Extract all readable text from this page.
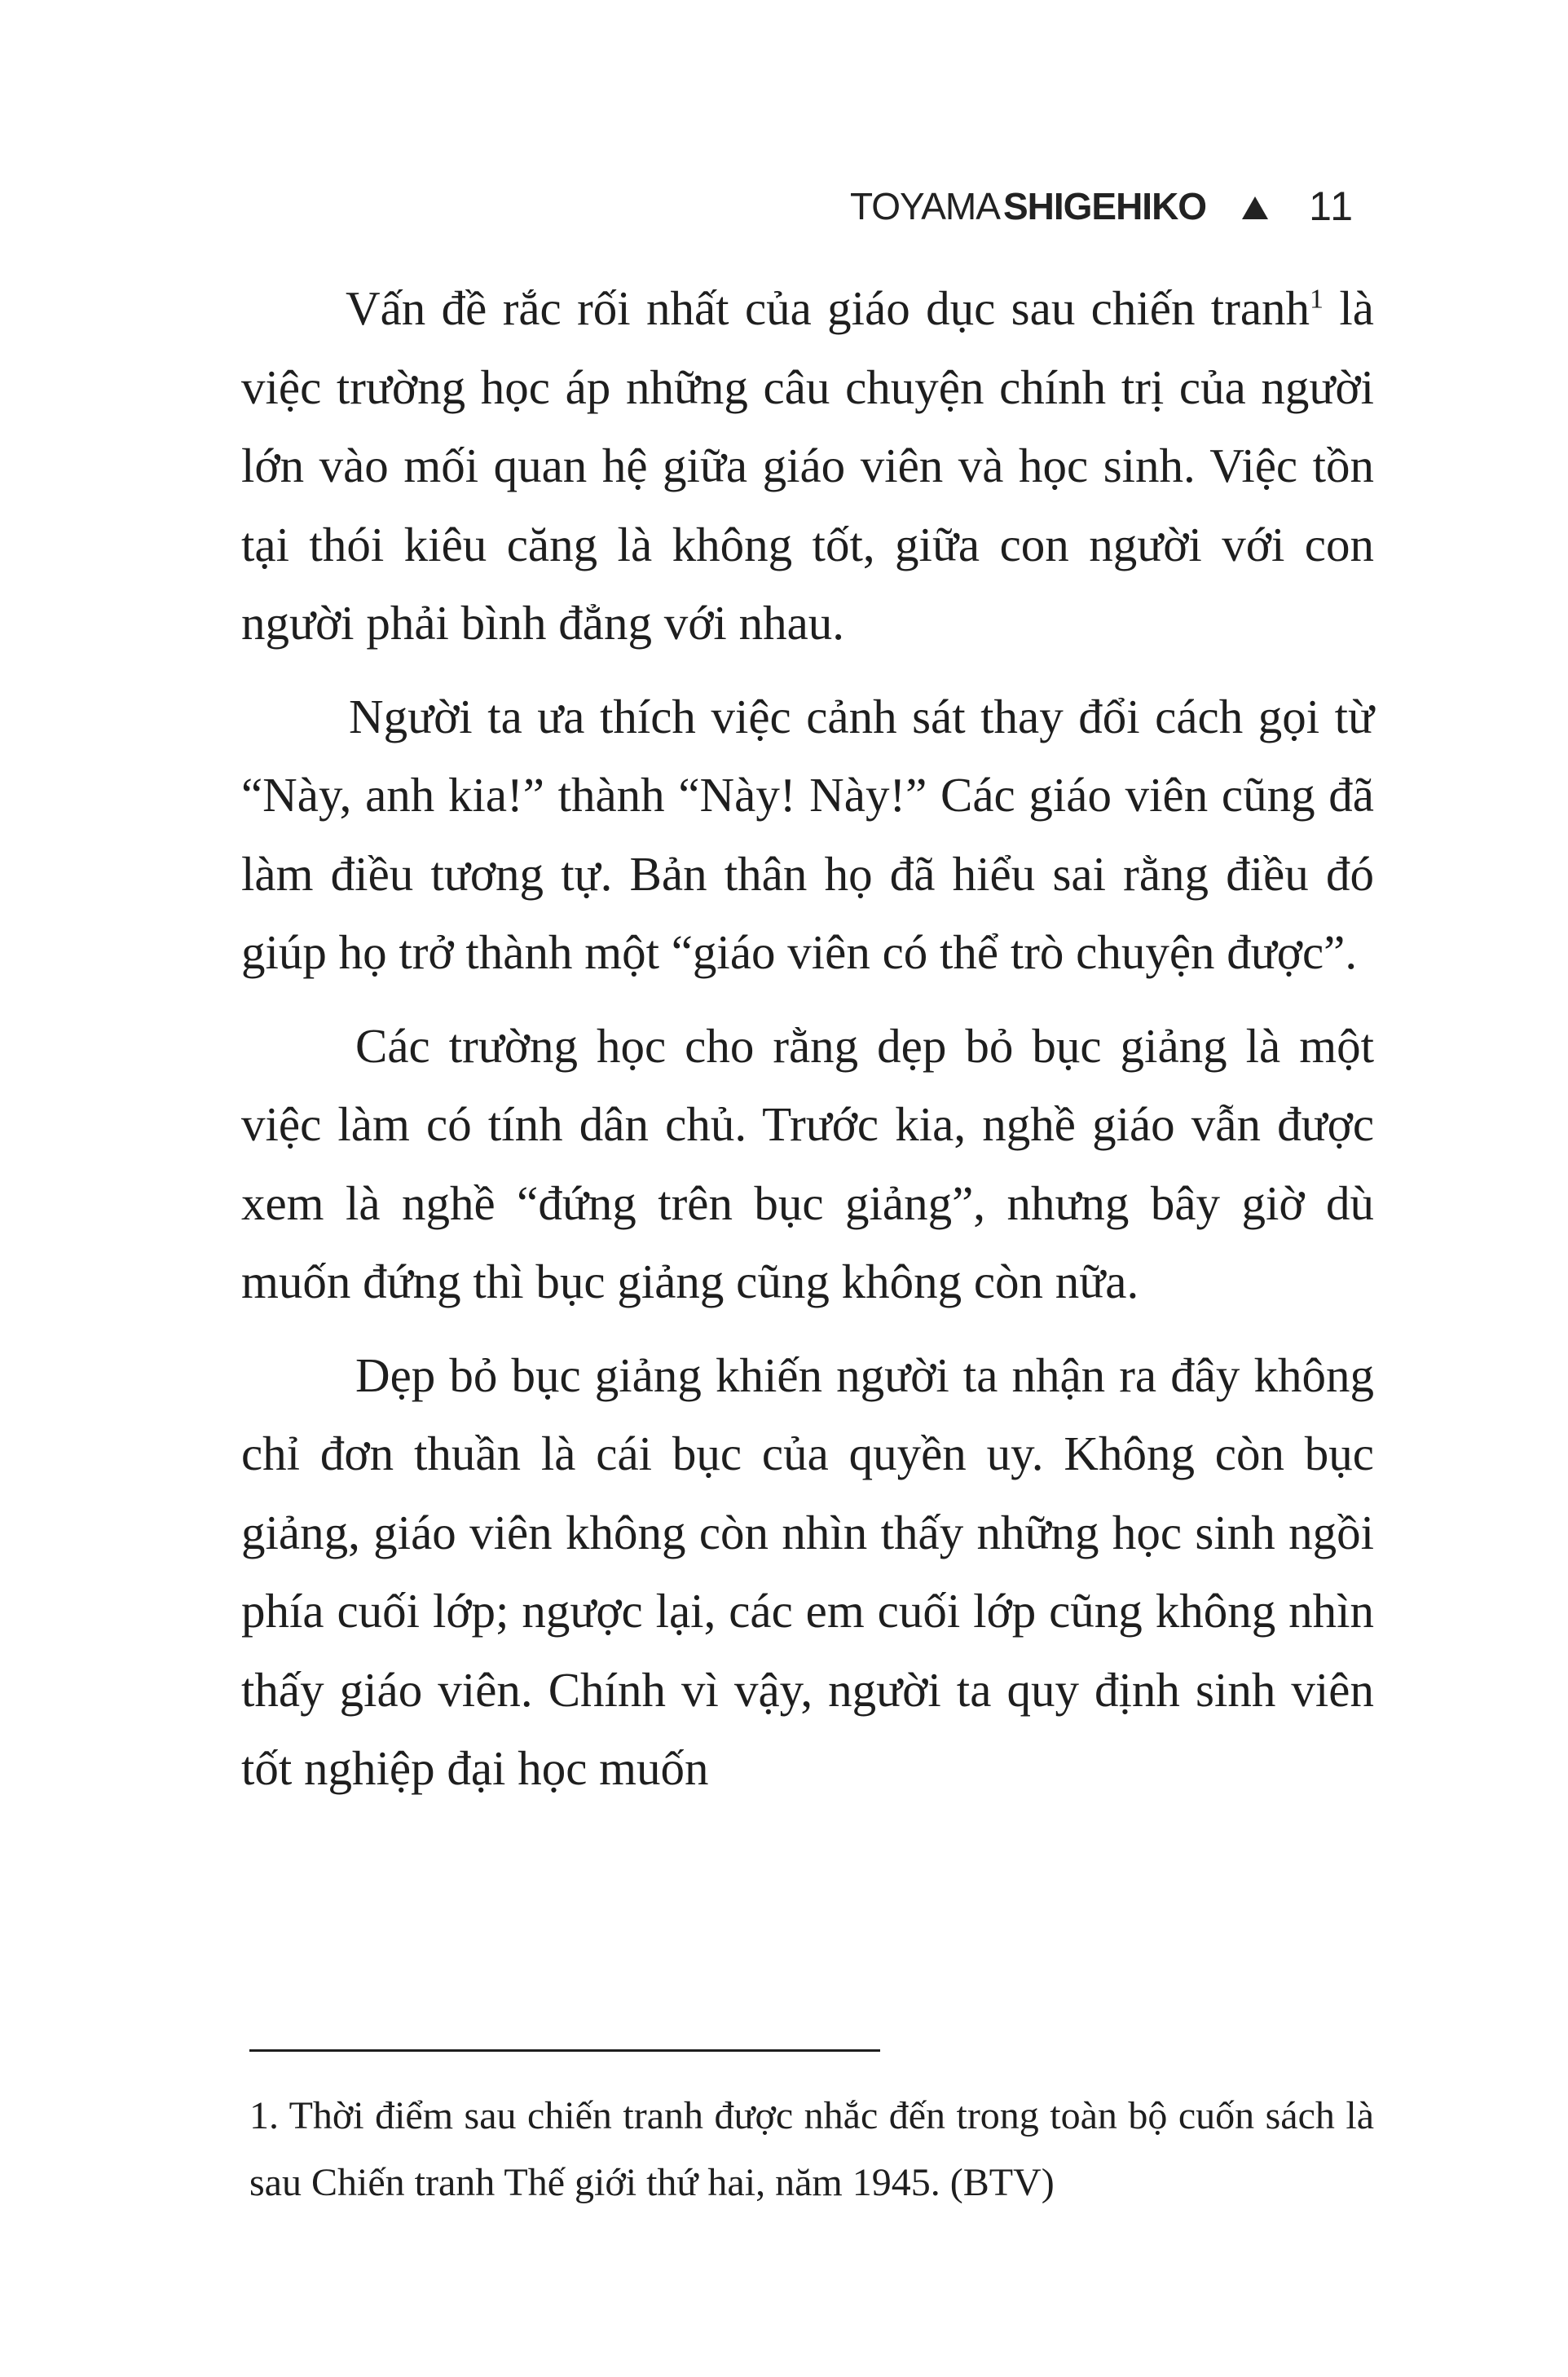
TOYAMA SHIGEHIKO	11

Vấn đề rắc rối nhất của giáo dục sau chiến tranh$^1$ là việc trường học áp những câu chuyện chính trị của người lớn vào mối quan hệ giữa giáo viên và học sinh. Việc tồn tại thói kiêu căng là không tốt, giữa con người với con người phải bình đẳng với nhau.

Người ta ưa thích việc cảnh sát thay đổi cách gọi từ “Này, anh kia!” thành “Này! Này!” Các giáo viên cũng đã làm điều tương tự. Bản thân họ đã hiểu sai rằng điều đó giúp họ trở thành một “giáo viên có thể trò chuyện được”.

Các trường học cho rằng dẹp bỏ bục giảng là một việc làm có tính dân chủ. Trước kia, nghề giáo vẫn được xem là nghề “đứng trên bục giảng”, nhưng bây giờ dù muốn đứng thì bục giảng cũng không còn nữa.

Dẹp bỏ bục giảng khiến người ta nhận ra đây không chỉ đơn thuần là cái bục của quyền uy. Không còn bục giảng, giáo viên không còn nhìn thấy những học sinh ngồi phía cuối lớp; ngược lại, các em cuối lớp cũng không nhìn thấy giáo viên. Chính vì vậy, người ta quy định sinh viên tốt nghiệp đại học muốn

1. Thời điểm sau chiến tranh được nhắc đến trong toàn bộ cuốn sách là sau Chiến tranh Thế giới thứ hai, năm 1945. (BTV)
